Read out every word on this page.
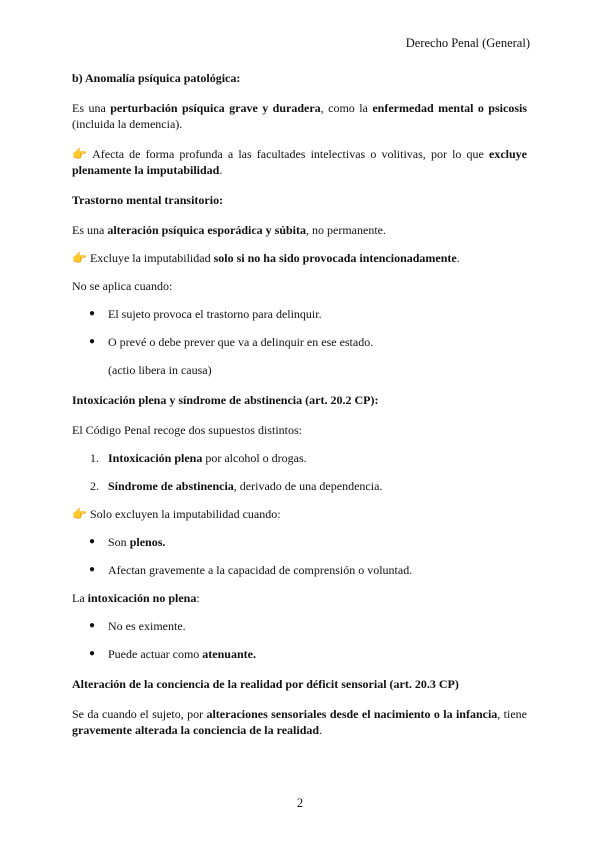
Derecho Penal (General)

b) Anomalía psíquica patológica:

Es una perturbación psíquica grave y duradera, como la enfermedad mental o psicosis (incluida la demencia).

👉 Afecta de forma profunda a las facultades intelectivas o volitivas, por lo que excluye plenamente la imputabilidad.

Trastorno mental transitorio:

Es una alteración psíquica esporádica y súbita, no permanente.

👉 Excluye la imputabilidad solo si no ha sido provocada intencionadamente.

No se aplica cuando:

● El sujeto provoca el trastorno para delinquir.
● O prevé o debe prever que va a delinquir en ese estado.

(actio libera in causa)

Intoxicación plena y síndrome de abstinencia (art. 20.2 CP):

El Código Penal recoge dos supuestos distintos:

1. Intoxicación plena por alcohol o drogas.
2. Síndrome de abstinencia, derivado de una dependencia.

👉 Solo excluyen la imputabilidad cuando:

● Son plenos.
● Afectan gravemente a la capacidad de comprensión o voluntad.

La intoxicación no plena:

● No es eximente.
● Puede actuar como atenuante.

Alteración de la conciencia de la realidad por déficit sensorial (art. 20.3 CP)

Se da cuando el sujeto, por alteraciones sensoriales desde el nacimiento o la infancia, tiene gravemente alterada la conciencia de la realidad.

2
